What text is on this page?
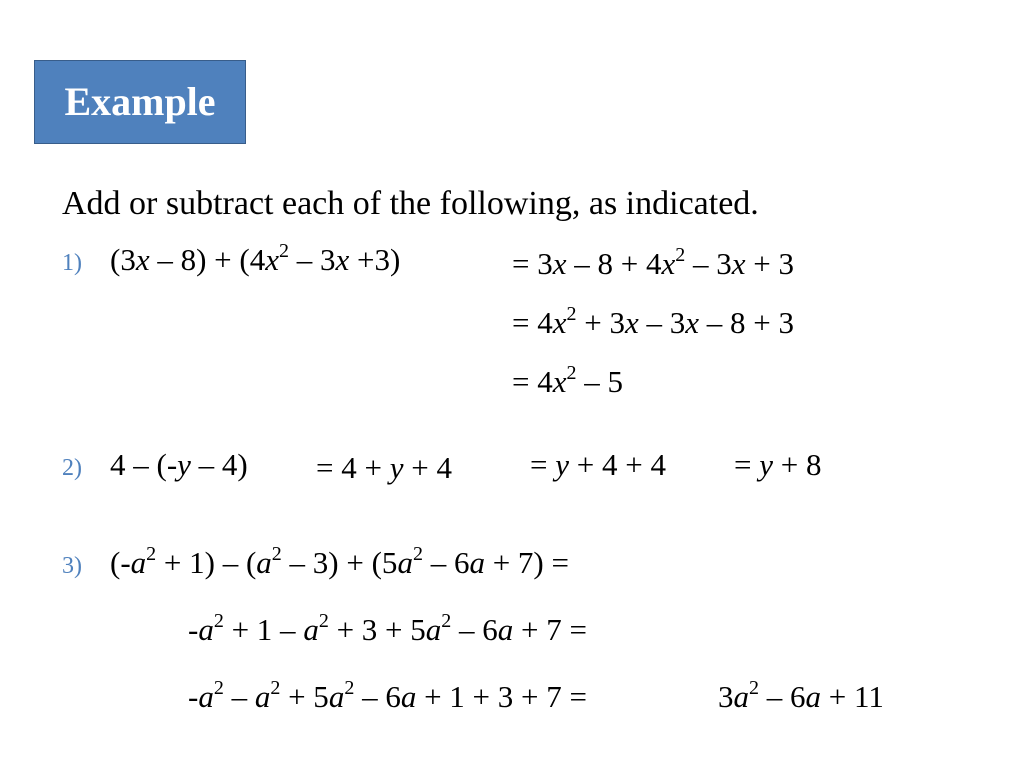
Example
Add or subtract each of the following, as indicated.
1) $(3x - 8) + (4x^2 - 3x +3)$	= $3x - 8 + 4x^2 - 3x + 3$
= $4x^2 + 3x - 3x - 8 + 3$
= $4x^2 - 5$
2) 4 – (-y – 4) = 4 + y + 4	= y + 4 + 4 = y + 8
3) $(-a^2 + 1) - (a^2 - 3) + (5a^2 - 6a + 7)$ =
$-a^2 + 1 - a^2 + 3 + 5a^2 - 6a + 7$ =
$-a^2 - a^2 + 5a^2 - 6a + 1 + 3 + 7$ =	$3a^2 - 6a + 11$
